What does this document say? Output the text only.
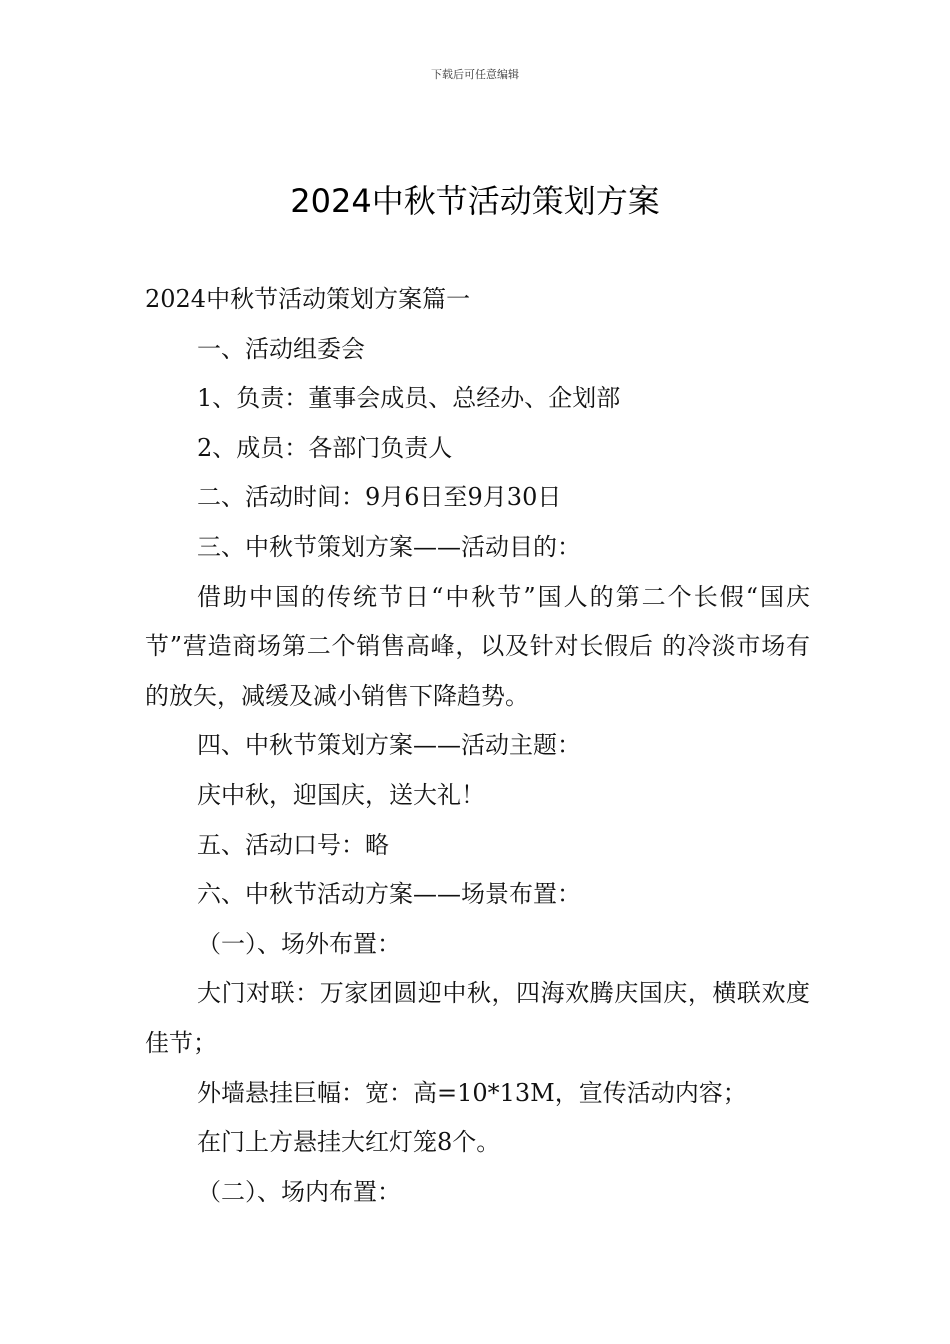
下载后可任意编辑
2024中秋节活动策划方案

2024中秋节活动策划方案篇一

一、活动组委会

1、负责：董事会成员、总经办、企划部

2、成员：各部门负责人

二、活动时间：9月6日至9月30日

三、中秋节策划方案——活动目的：

借助中国的传统节日“中秋节”国人的第二个长假“国庆节”营造商场第二个销售高峰，以及针对长假后 的冷淡市场有的放矢，减缓及减小销售下降趋势。

四、中秋节策划方案——活动主题：

庆中秋，迎国庆，送大礼！

五、活动口号：略

六、中秋节活动方案——场景布置：

（一）、场外布置：

大门对联：万家团圆迎中秋，四海欢腾庆国庆，横联欢度佳节；

外墙悬挂巨幅：宽：高=10*13M，宣传活动内容；

在门上方悬挂大红灯笼8个。

（二）、场内布置：
